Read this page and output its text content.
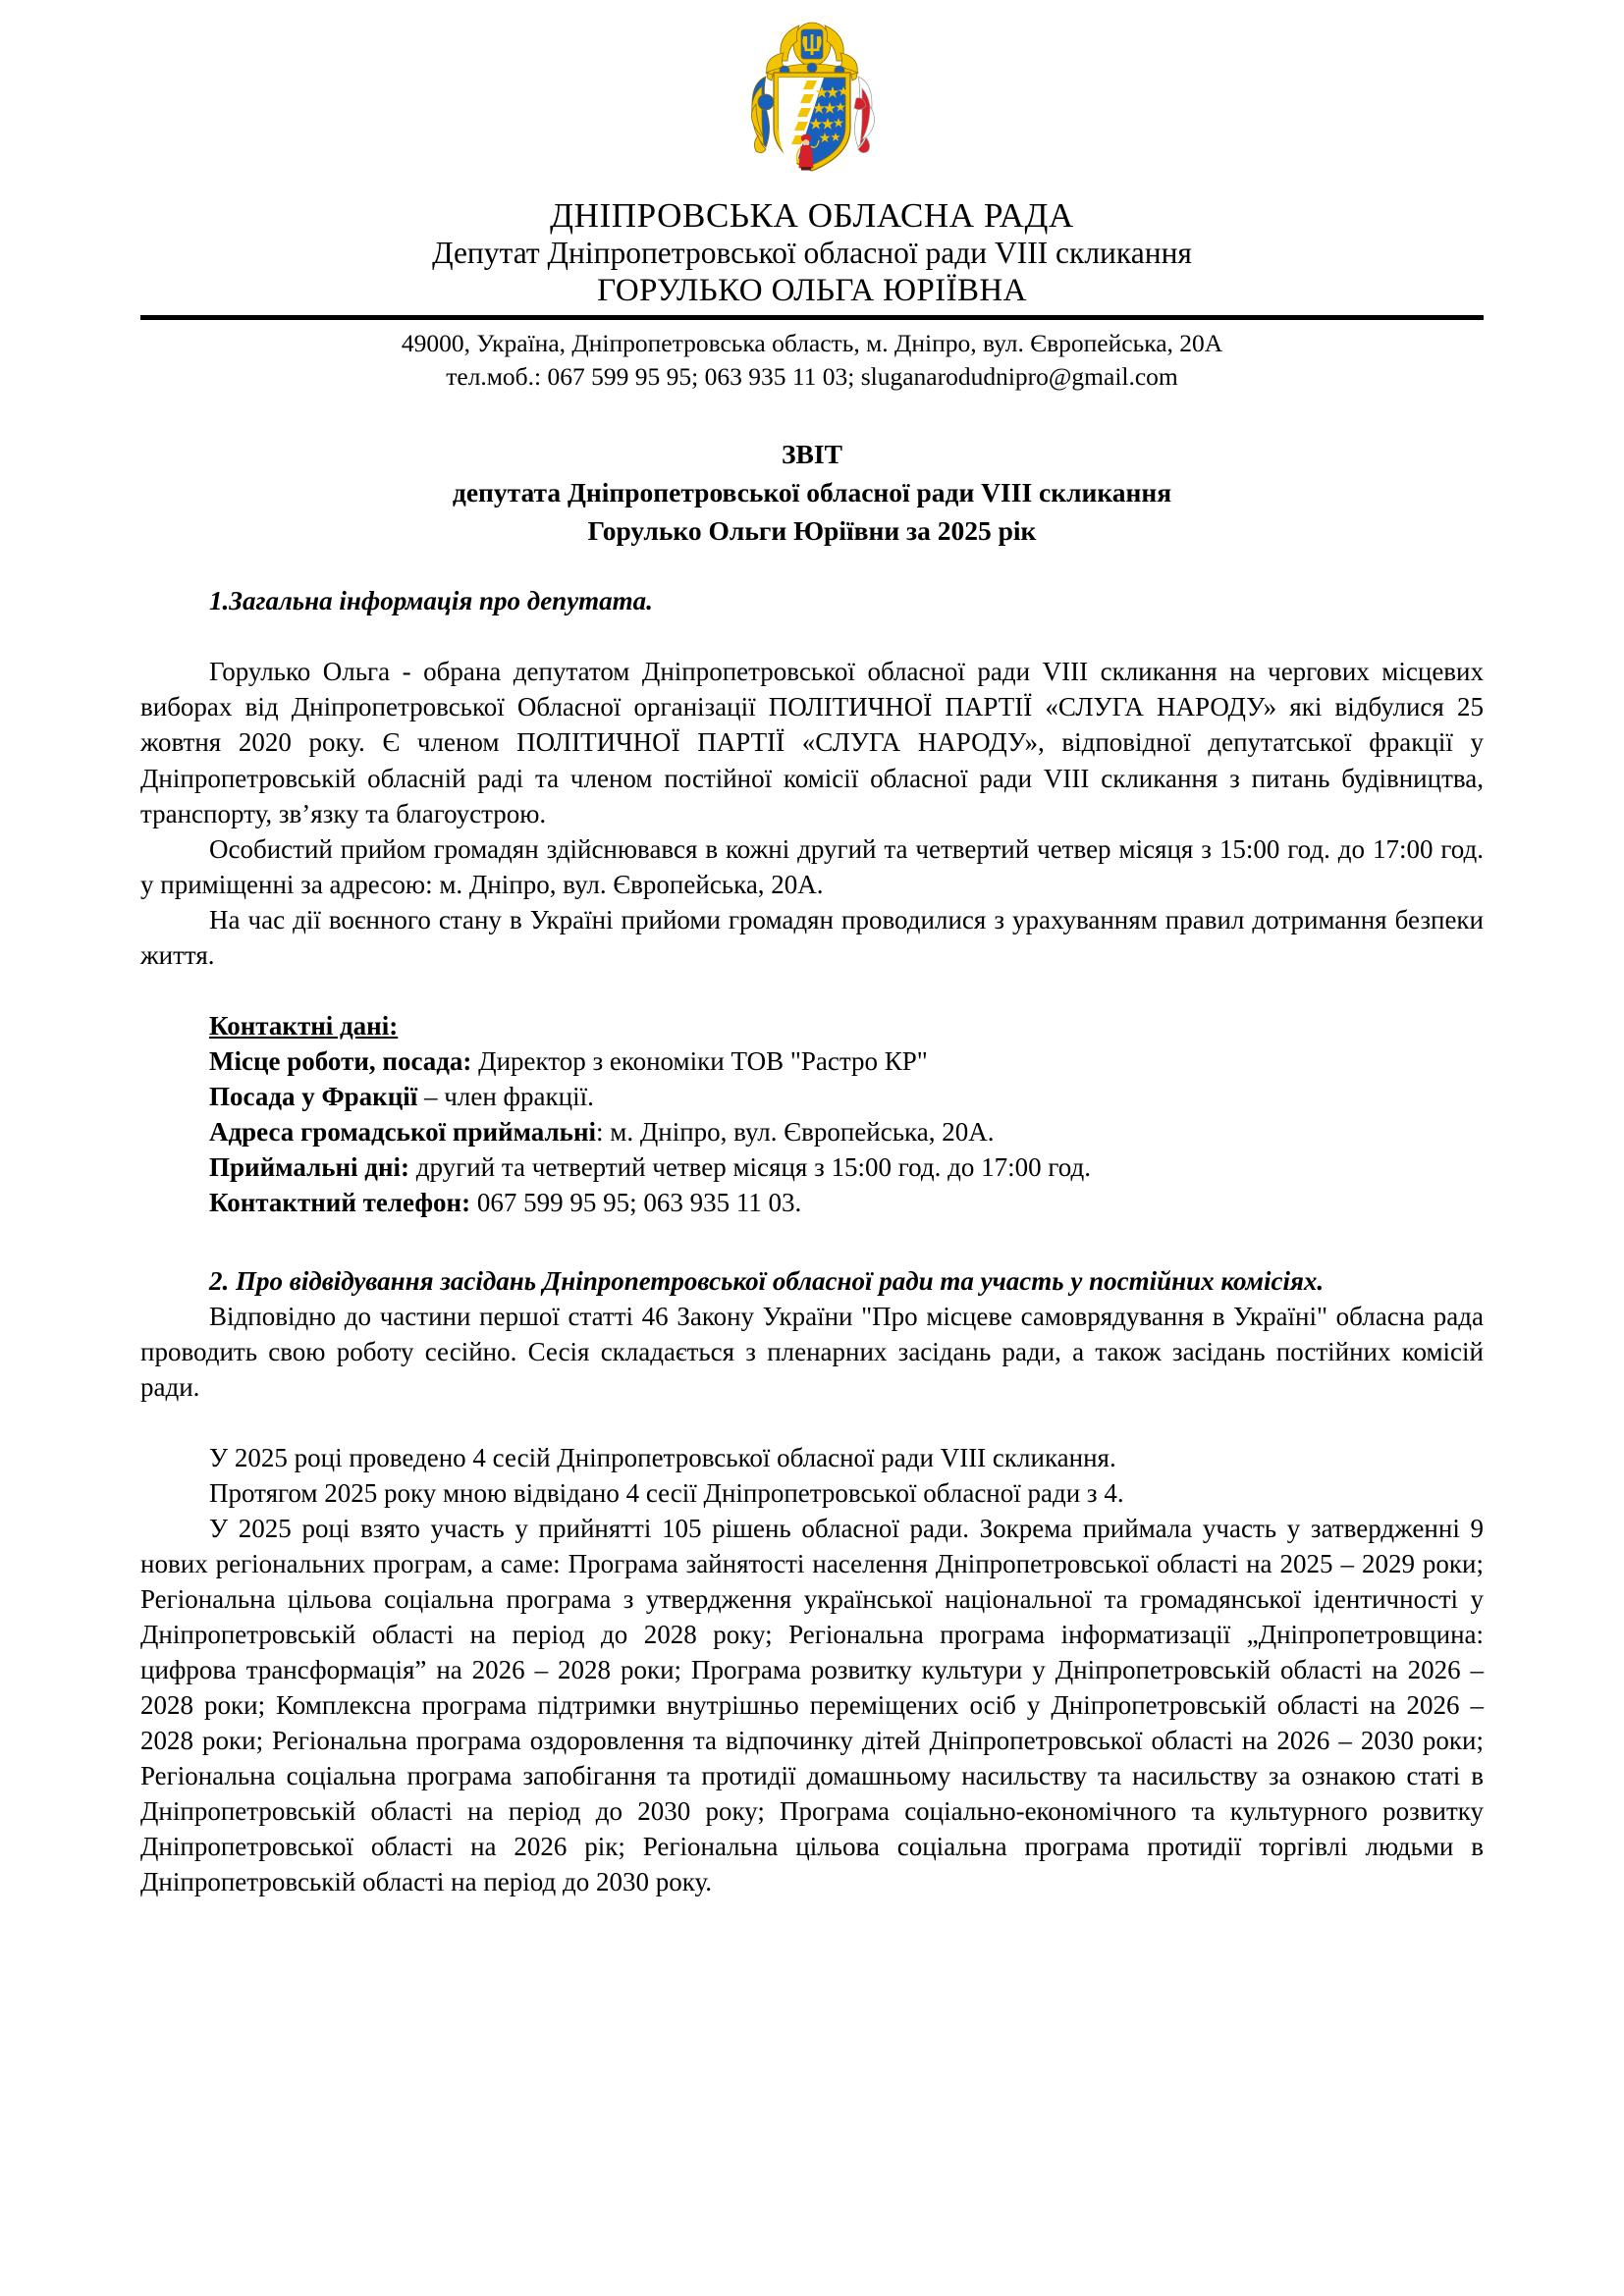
ДНІПРОВСЬКА ОБЛАСНА РАДА
Депутат Дніпропетровської обласної ради VIII скликання
ГОРУЛЬКО ОЛЬГА ЮРІЇВНА
49000, Україна, Дніпропетровська область, м. Дніпро, вул. Європейська, 20А
тел.моб.: 067 599 95 95; 063 935 11 03; sluganarodudnipro@gmail.com
ЗВІТ
депутата Дніпропетровської обласної ради VIII скликання
Горулько Ольги Юріївни за 2025 рік

1.Загальна інформація про депутата.

Горулько Ольга - обрана депутатом Дніпропетровської обласної ради VIII скликання на чергових місцевих виборах від Дніпропетровської Обласної організації ПОЛІТИЧНОЇ ПАРТІЇ «СЛУГА НАРОДУ» які відбулися 25 жовтня 2020 року. Є членом ПОЛІТИЧНОЇ ПАРТІЇ «СЛУГА НАРОДУ», відповідної депутатської фракції у Дніпропетровській обласній раді та членом постійної комісії обласної ради VIII скликання з питань будівництва, транспорту, зв’язку та благоустрою.

Особистий прийом громадян здійснювався в кожні другий та четвертий четвер місяця з 15:00 год. до 17:00 год. у приміщенні за адресою: м. Дніпро, вул. Європейська, 20А.

На час дії воєнного стану в Україні прийоми громадян проводилися з урахуванням правил дотримання безпеки життя.

Контактні дані:
Місце роботи, посада: Директор з економіки ТОВ "Растро КР"
Посада у Фракції – член фракції.
Адреса громадської приймальні: м. Дніпро, вул. Європейська, 20А.
Приймальні дні: другий та четвертий четвер місяця з 15:00 год. до 17:00 год.
Контактний телефон: 067 599 95 95; 063 935 11 03.

2. Про відвідування засідань Дніпропетровської обласної ради та участь у постійних комісіях.

Відповідно до частини першої статті 46 Закону України "Про місцеве самоврядування в Україні" обласна рада проводить свою роботу сесійно. Сесія складається з пленарних засідань ради, а також засідань постійних комісій ради.

У 2025 році проведено 4 сесій Дніпропетровської обласної ради VIII скликання.

Протягом 2025 року мною відвідано 4 сесії Дніпропетровської обласної ради з 4.

У 2025 році взято участь у прийнятті 105 рішень обласної ради. Зокрема приймала участь у затвердженні 9 нових регіональних програм, а саме: Програма зайнятості населення Дніпропетровської області на 2025 – 2029 роки; Регіональна цільова соціальна програма з утвердження української національної та громадянської ідентичності у Дніпропетровській області на період до 2028 року; Регіональна програма інформатизації „Дніпропетровщина: цифрова трансформація” на 2026 – 2028 роки; Програма розвитку культури у Дніпропетровській області на 2026 – 2028 роки; Комплексна програма підтримки внутрішньо переміщених осіб у Дніпропетровській області на 2026 – 2028 роки; Регіональна програма оздоровлення та відпочинку дітей Дніпропетровської області на 2026 – 2030 роки; Регіональна соціальна програма запобігання та протидії домашньому насильству та насильству за ознакою статі в Дніпропетровській області на період до 2030 року; Програма соціально-економічного та культурного розвитку Дніпропетровської області на 2026 рік; Регіональна цільова соціальна програма протидії торгівлі людьми в Дніпропетровській області на період до 2030 року.
